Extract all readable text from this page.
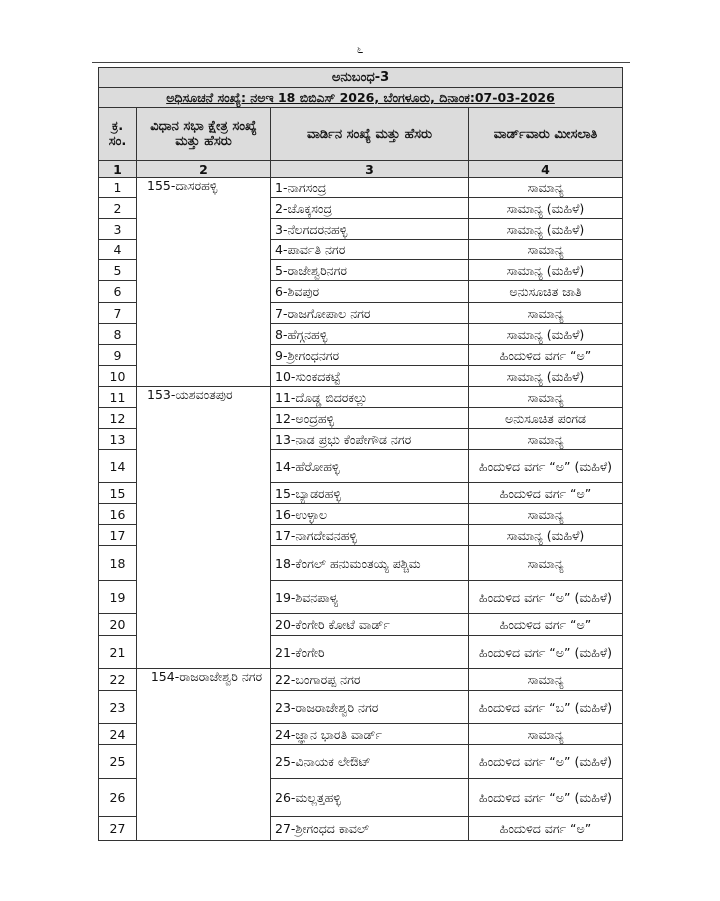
೬
ಅನುಬಂಧ-3			
ಅಧಿಸೂಚನೆ ಸಂಖ್ಯೆ: ನಅಇ 18 ಬಿಬಿಎಸ್ 2026, ಬೆಂಗಳೂರು, ದಿನಾಂಕ:07-03-2026			
ಕ್ರ. ಸಂ.	ವಿಧಾನ ಸಭಾ ಕ್ಷೇತ್ರ ಸಂಖ್ಯೆ ಮತ್ತು ಹೆಸರು	ವಾರ್ಡಿನ ಸಂಖ್ಯೆ ಮತ್ತು ಹೆಸರು	ವಾರ್ಡ್‌ವಾರು ಮೀಸಲಾತಿ
1	2	3	4
1	155-ದಾಸರಹಳ್ಳಿ	1-ನಾಗಸಂದ್ರ	ಸಾಮಾನ್ಯ
2		2-ಚೊಕ್ಕಸಂದ್ರ	ಸಾಮಾನ್ಯ (ಮಹಿಳೆ)
3		3-ನೆಲಗದರನಹಳ್ಳಿ	ಸಾಮಾನ್ಯ (ಮಹಿಳೆ)
4		4-ಪಾರ್ವತಿ ನಗರ	ಸಾಮಾನ್ಯ
5		5-ರಾಜೇಶ್ವರಿನಗರ	ಸಾಮಾನ್ಯ (ಮಹಿಳೆ)
6		6-ಶಿವಪುರ	ಅನುಸೂಚಿತ ಜಾತಿ
7		7-ರಾಜಗೋಪಾಲ ನಗರ	ಸಾಮಾನ್ಯ
8		8-ಹೆಗ್ಗನಹಳ್ಳಿ	ಸಾಮಾನ್ಯ (ಮಹಿಳೆ)
9		9-ಶ್ರೀಗಂಧನಗರ	ಹಿಂದುಳಿದ ವರ್ಗ “ಅ”
10		10-ಸುಂಕದಕಟ್ಟೆ	ಸಾಮಾನ್ಯ (ಮಹಿಳೆ)
11	153-ಯಶವಂತಪುರ	11-ದೊಡ್ಡ ಬಿದರಕಲ್ಲು	ಸಾಮಾನ್ಯ
12		12-ಅಂದ್ರಹಳ್ಳಿ	ಅನುಸೂಚಿತ ಪಂಗಡ
13		13-ನಾಡ ಪ್ರಭು ಕೆಂಪೇಗೌಡ ನಗರ	ಸಾಮಾನ್ಯ
14		14-ಹೆರೋಹಳ್ಳಿ	ಹಿಂದುಳಿದ ವರ್ಗ “ಅ” (ಮಹಿಳೆ)
15		15-ಬ್ಯಾಡರಹಳ್ಳಿ	ಹಿಂದುಳಿದ ವರ್ಗ “ಅ”
16		16-ಉಳ್ಳಾಲ	ಸಾಮಾನ್ಯ
17		17-ನಾಗದೇವನಹಳ್ಳಿ	ಸಾಮಾನ್ಯ (ಮಹಿಳೆ)
18		18-ಕೆಂಗಲ್ ಹನುಮಂತಯ್ಯ ಪಶ್ಚಿಮ	ಸಾಮಾನ್ಯ
19		19-ಶಿವನಪಾಳ್ಯ	ಹಿಂದುಳಿದ ವರ್ಗ “ಅ” (ಮಹಿಳೆ)
20		20-ಕೆಂಗೇರಿ ಕೋಟೆ ವಾರ್ಡ್	ಹಿಂದುಳಿದ ವರ್ಗ “ಅ”
21		21-ಕೆಂಗೇರಿ	ಹಿಂದುಳಿದ ವರ್ಗ “ಅ” (ಮಹಿಳೆ)
22	154-ರಾಜರಾಜೇಶ್ವರಿ ನಗರ	22-ಬಂಗಾರಪ್ಪ ನಗರ	ಸಾಮಾನ್ಯ
23		23-ರಾಜರಾಜೇಶ್ವರಿ ನಗರ	ಹಿಂದುಳಿದ ವರ್ಗ “ಬ” (ಮಹಿಳೆ)
24		24-ಜ್ಞಾನ ಭಾರತಿ ವಾರ್ಡ್	ಸಾಮಾನ್ಯ
25		25-ವಿನಾಯಕ ಲೇಔಟ್	ಹಿಂದುಳಿದ ವರ್ಗ “ಅ” (ಮಹಿಳೆ)
26		26-ಮಲ್ಲತ್ತಹಳ್ಳಿ	ಹಿಂದುಳಿದ ವರ್ಗ “ಅ” (ಮಹಿಳೆ)
27		27-ಶ್ರೀಗಂಧದ ಕಾವಲ್	ಹಿಂದುಳಿದ ವರ್ಗ “ಅ”
